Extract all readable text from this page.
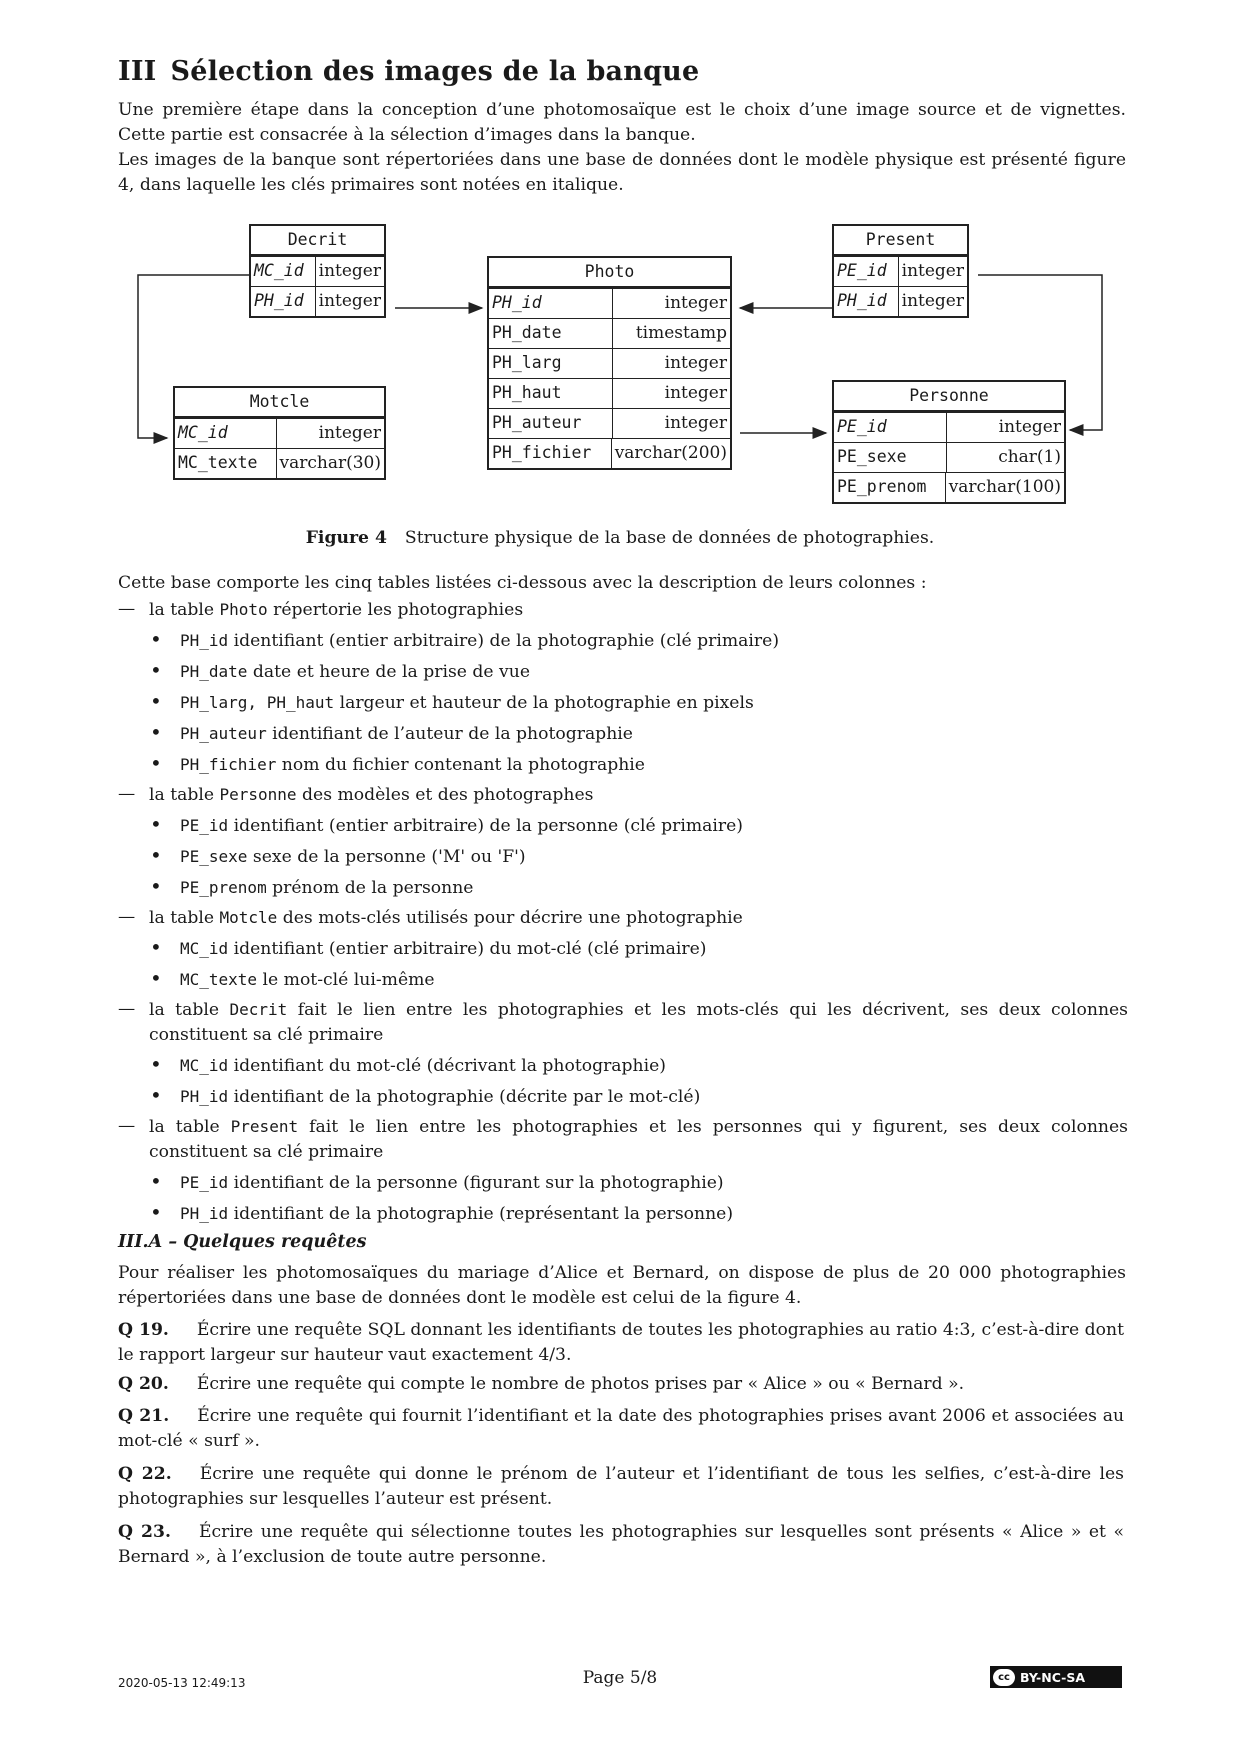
III Sélection des images de la banque

Une première étape dans la conception d’une photomosaïque est le choix d’une image source et de vignettes. Cette partie est consacrée à la sélection d’images dans la banque.

Les images de la banque sont répertoriées dans une base de données dont le modèle physique est présenté figure 4, dans laquelle les clés primaires sont notées en italique.

Decrit
MC_id integer
PH_id integer
Photo
PH_id	integer
PH_date	timestamp
PH_larg	integer
PH_haut	integer
PH_auteur	integer
PH_fichier	varchar(200)
Present
PE_id integer
PH_id integer
Motcle
MC_id	integer
MC_texte	varchar(30)
Personne
PE_id	integer
PE_sexe	char(1)
PE_prenom	varchar(100)
Figure 4 Structure physique de la base de données de photographies.

Cette base comporte les cinq tables listées ci-dessous avec la description de leurs colonnes :

— la table Photo répertorie les photographies
• PH_id identifiant (entier arbitraire) de la photographie (clé primaire)
• PH_date date et heure de la prise de vue
• PH_larg, PH_haut largeur et hauteur de la photographie en pixels
• PH_auteur identifiant de l’auteur de la photographie
• PH_fichier nom du fichier contenant la photographie
— la table Personne des modèles et des photographes
• PE_id identifiant (entier arbitraire) de la personne (clé primaire)
• PE_sexe sexe de la personne ('M' ou 'F')
• PE_prenom prénom de la personne
— la table Motcle des mots-clés utilisés pour décrire une photographie
• MC_id identifiant (entier arbitraire) du mot-clé (clé primaire)
• MC_texte le mot-clé lui-même
— la table Decrit fait le lien entre les photographies et les mots-clés qui les décrivent, ses deux colonnes constituent sa clé primaire
• MC_id identifiant du mot-clé (décrivant la photographie)
• PH_id identifiant de la photographie (décrite par le mot-clé)
— la table Present fait le lien entre les photographies et les personnes qui y figurent, ses deux colonnes constituent sa clé primaire
• PE_id identifiant de la personne (figurant sur la photographie)
• PH_id identifiant de la photographie (représentant la personne)
III.A – Quelques requêtes

Pour réaliser les photomosaïques du mariage d’Alice et Bernard, on dispose de plus de 20 000 photographies répertoriées dans une base de données dont le modèle est celui de la figure 4.

Q 19. Écrire une requête SQL donnant les identifiants de toutes les photographies au ratio 4:3, c’est-à-dire dont le rapport largeur sur hauteur vaut exactement 4/3.
Q 20. Écrire une requête qui compte le nombre de photos prises par « Alice » ou « Bernard ».
Q 21. Écrire une requête qui fournit l’identifiant et la date des photographies prises avant 2006 et associées au mot-clé « surf ».
Q 22. Écrire une requête qui donne le prénom de l’auteur et l’identifiant de tous les selfies, c’est-à-dire les photographies sur lesquelles l’auteur est présent.
Q 23. Écrire une requête qui sélectionne toutes les photographies sur lesquelles sont présents « Alice » et « Bernard », à l’exclusion de toute autre personne.
2020-05-13 12:49:13	Page 5/8	cc BY-NC-SA
